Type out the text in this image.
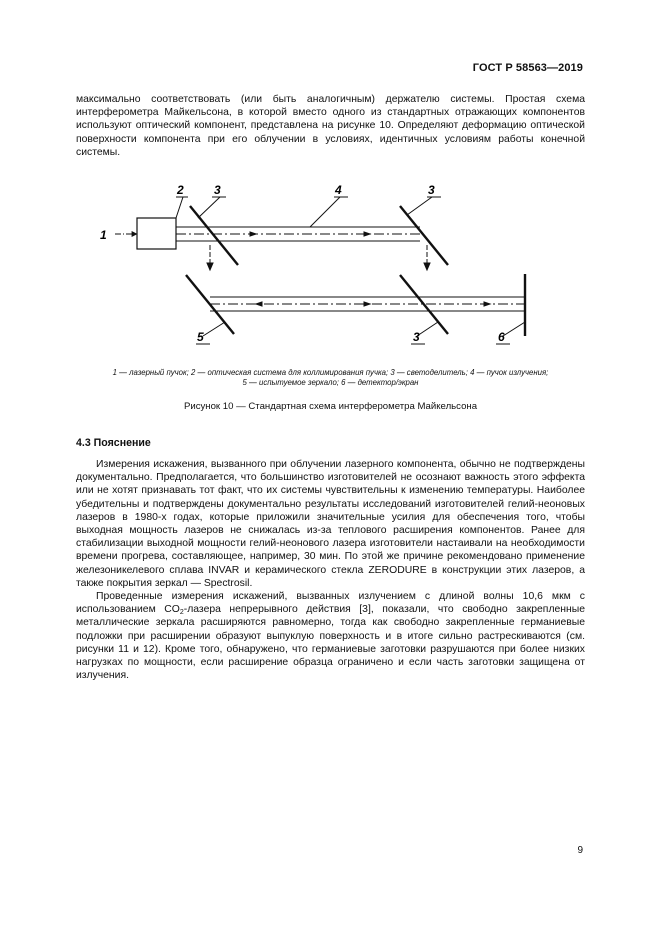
ГОСТ Р 58563—2019

максимально соответствовать (или быть аналогичным) держателю системы. Простая схема интерферометра Майкельсона, в которой вместо одного из стандартных отражающих компонентов используют оптический компонент, представлена на рисунке 10. Определяют деформацию оптической поверхности компонента при его облучении в условиях, идентичных условиям работы конечной системы.

1
2	3	4	3
5	3	6
1 — лазерный пучок; 2 — оптическая система для коллимирования пучка; 3 — светоделитель; 4 — пучок излучения;
5 — испытуемое зеркало; 6 — детектор/экран
Рисунок 10 — Стандартная схема интерферометра Майкельсона
4.3 Пояснение

Измерения искажения, вызванного при облучении лазерного компонента, обычно не подтверждены документально. Предполагается, что большинство изготовителей не осознают важность этого эффекта или не хотят признавать тот факт, что их системы чувствительны к изменению температуры. Наиболее убедительны и подтверждены документально результаты исследований изготовителей гелий-неоновых лазеров в 1980-х годах, которые приложили значительные усилия для обеспечения того, чтобы выходная мощность лазеров не снижалась из-за теплового расширения компонентов. Ранее для стабилизации выходной мощности гелий-неонового лазера изготовители настаивали на необходимости времени прогрева, составляющее, например, 30 мин. По этой же причине рекомендовано применение железоникелевого сплава INVAR и керамического стекла ZERODURE в конструкции этих лазеров, а также покрытия зеркал — Spectrosil.

Проведенные измерения искажений, вызванных излучением с длиной волны 10,6 мкм с использованием $CO_2$-лазера непрерывного действия [3], показали, что свободно закрепленные металлические зеркала расширяются равномерно, тогда как свободно закрепленные германиевые подложки при расширении образуют выпуклую поверхность и в итоге сильно растрескиваются (см. рисунки 11 и 12). Кроме того, обнаружено, что германиевые заготовки разрушаются при более низких нагрузках по мощности, если расширение образца ограничено и если часть заготовки защищена от излучения.

9
